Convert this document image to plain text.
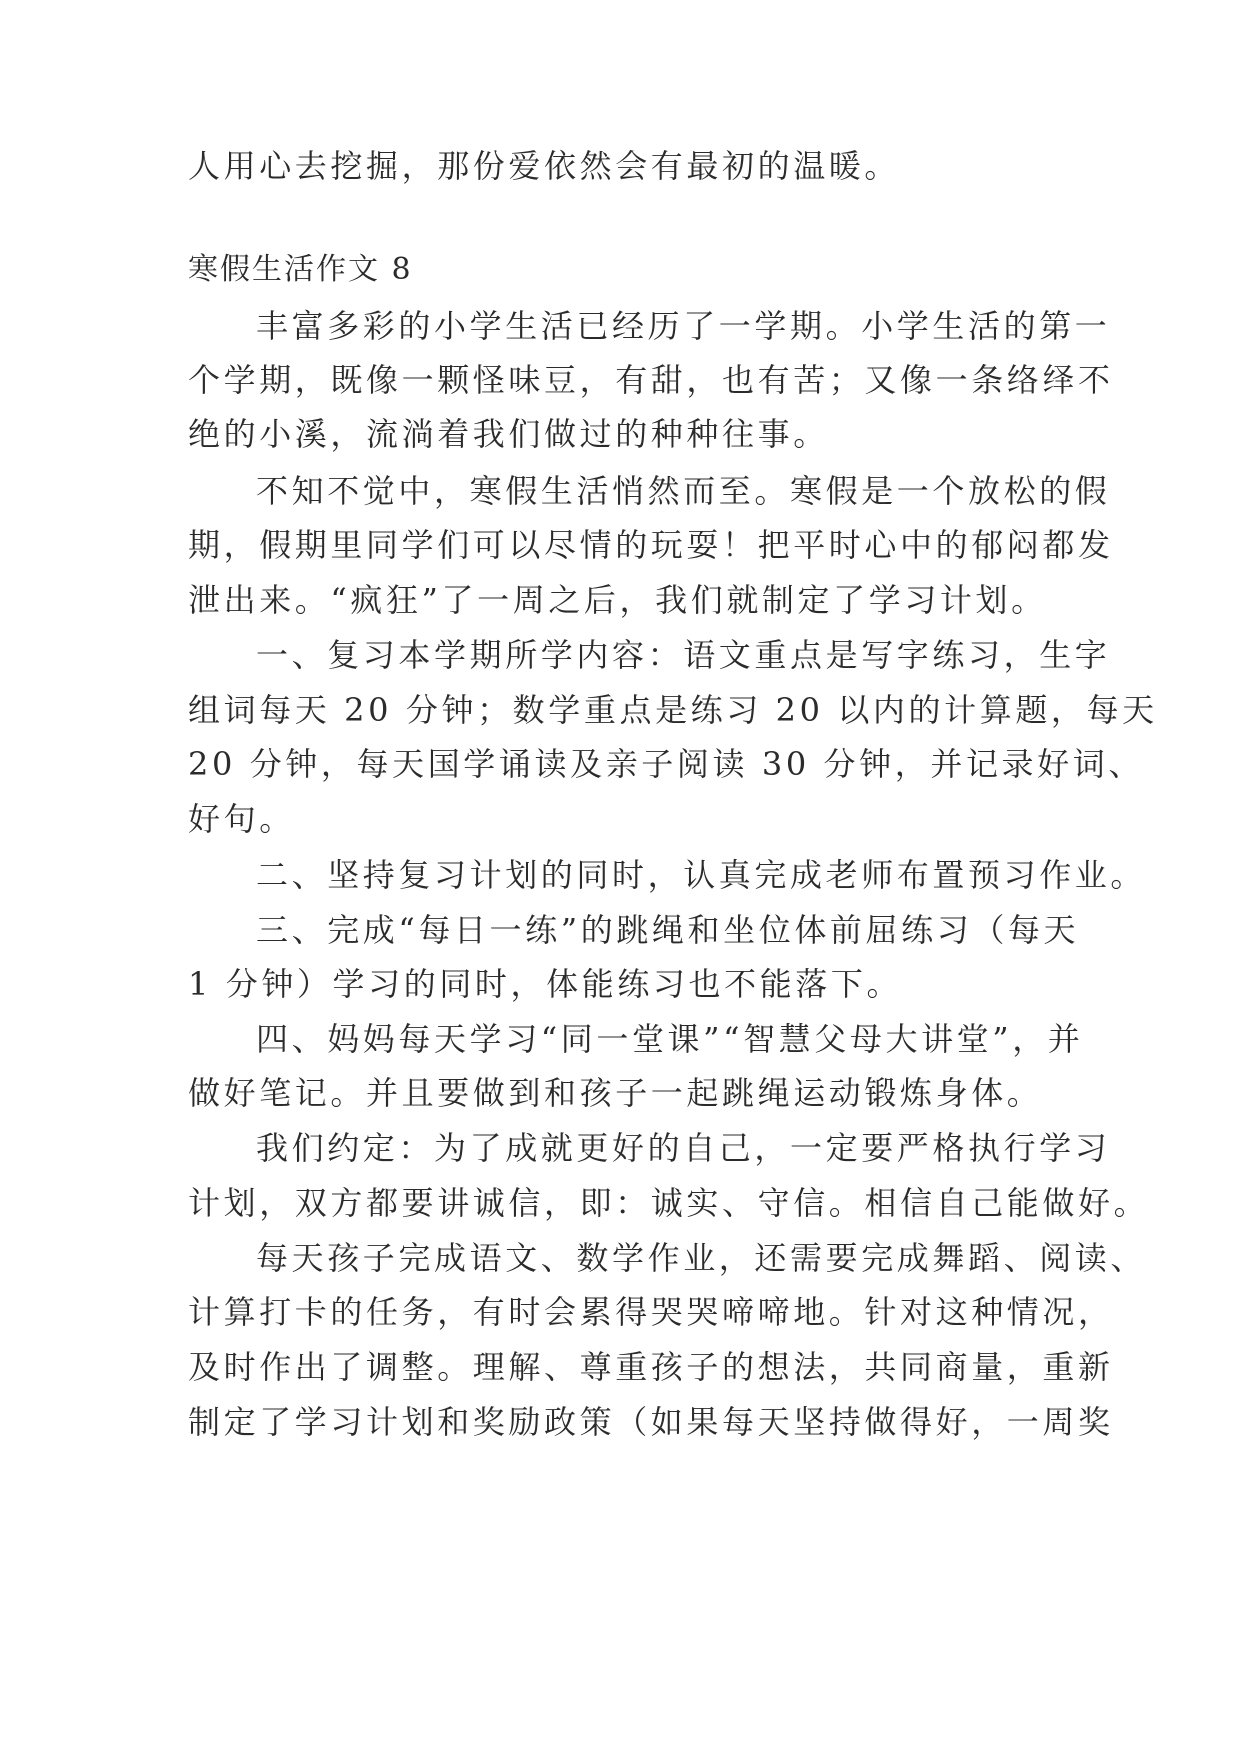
人用心去挖掘，那份爱依然会有最初的温暖。
寒假生活作文 8
丰富多彩的小学生活已经历了一学期。小学生活的第一
个学期，既像一颗怪味豆，有甜，也有苦；又像一条络绎不
绝的小溪，流淌着我们做过的种种往事。
不知不觉中，寒假生活悄然而至。寒假是一个放松的假
期，假期里同学们可以尽情的玩耍！把平时心中的郁闷都发
泄出来。“疯狂”了一周之后，我们就制定了学习计划。
一、复习本学期所学内容：语文重点是写字练习，生字
组词每天 20 分钟；数学重点是练习 20 以内的计算题，每天
20 分钟，每天国学诵读及亲子阅读 30 分钟，并记录好词、
好句。
二、坚持复习计划的同时，认真完成老师布置预习作业。
三、完成“每日一练”的跳绳和坐位体前屈练习（每天
1 分钟）学习的同时，体能练习也不能落下。
四、妈妈每天学习“同一堂课”“智慧父母大讲堂”，并
做好笔记。并且要做到和孩子一起跳绳运动锻炼身体。
我们约定：为了成就更好的自己，一定要严格执行学习
计划，双方都要讲诚信，即：诚实、守信。相信自己能做好。
每天孩子完成语文、数学作业，还需要完成舞蹈、阅读、
计算打卡的任务，有时会累得哭哭啼啼地。针对这种情况，
及时作出了调整。理解、尊重孩子的想法，共同商量，重新
制定了学习计划和奖励政策（如果每天坚持做得好，一周奖
